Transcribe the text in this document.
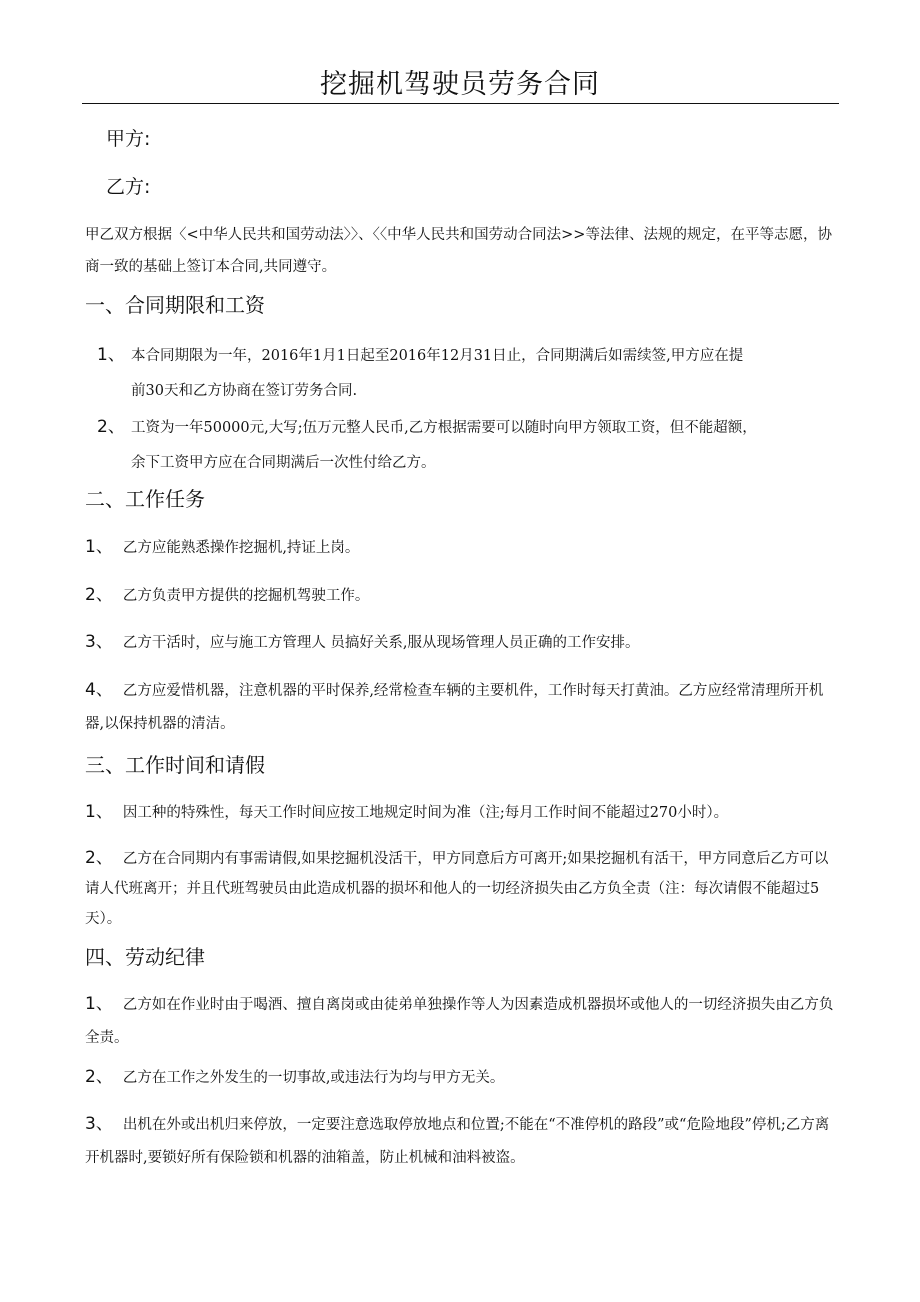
挖掘机驾驶员劳务合同
甲方:
乙方:

甲乙双方根据〈<中华人民共和国劳动法〉〉、〈〈中华人民共和国劳动合同法>>等法律、法规的规定，在平等志愿，协商一致的基础上签订本合同,共同遵守。

一、合同期限和工资
1、 本合同期限为一年，2016年1月1日起至2016年12月31日止，合同期满后如需续签,甲方应在提
前30天和乙方协商在签订劳务合同.
2、 工资为一年50000元,大写;伍万元整人民币,乙方根据需要可以随时向甲方领取工资，但不能超额，
余下工资甲方应在合同期满后一次性付给乙方。
二、工作任务
1、 乙方应能熟悉操作挖掘机,持证上岗。
2、 乙方负责甲方提供的挖掘机驾驶工作。
3、 乙方干活时，应与施工方管理人 员搞好关系,服从现场管理人员正确的工作安排。
4、 乙方应爱惜机器，注意机器的平时保养,经常检查车辆的主要机件，工作时每天打黄油。乙方应经常清理所开机器,以保持机器的清洁。
三、工作时间和请假
1、 因工种的特殊性，每天工作时间应按工地规定时间为准（注;每月工作时间不能超过270小时）。
2、 乙方在合同期内有事需请假,如果挖掘机没活干，甲方同意后方可离开;如果挖掘机有活干，甲方同意后乙方可以请人代班离开；并且代班驾驶员由此造成机器的损坏和他人的一切经济损失由乙方负全责（注：每次请假不能超过5天）。
四、劳动纪律
1、 乙方如在作业时由于喝酒、擅自离岗或由徒弟单独操作等人为因素造成机器损坏或他人的一切经济损失由乙方负全责。
2、 乙方在工作之外发生的一切事故,或违法行为均与甲方无关。
3、 出机在外或出机归来停放，一定要注意选取停放地点和位置;不能在“不准停机的路段”或“危险地段”停机;乙方离开机器时,要锁好所有保险锁和机器的油箱盖，防止机械和油料被盗。
